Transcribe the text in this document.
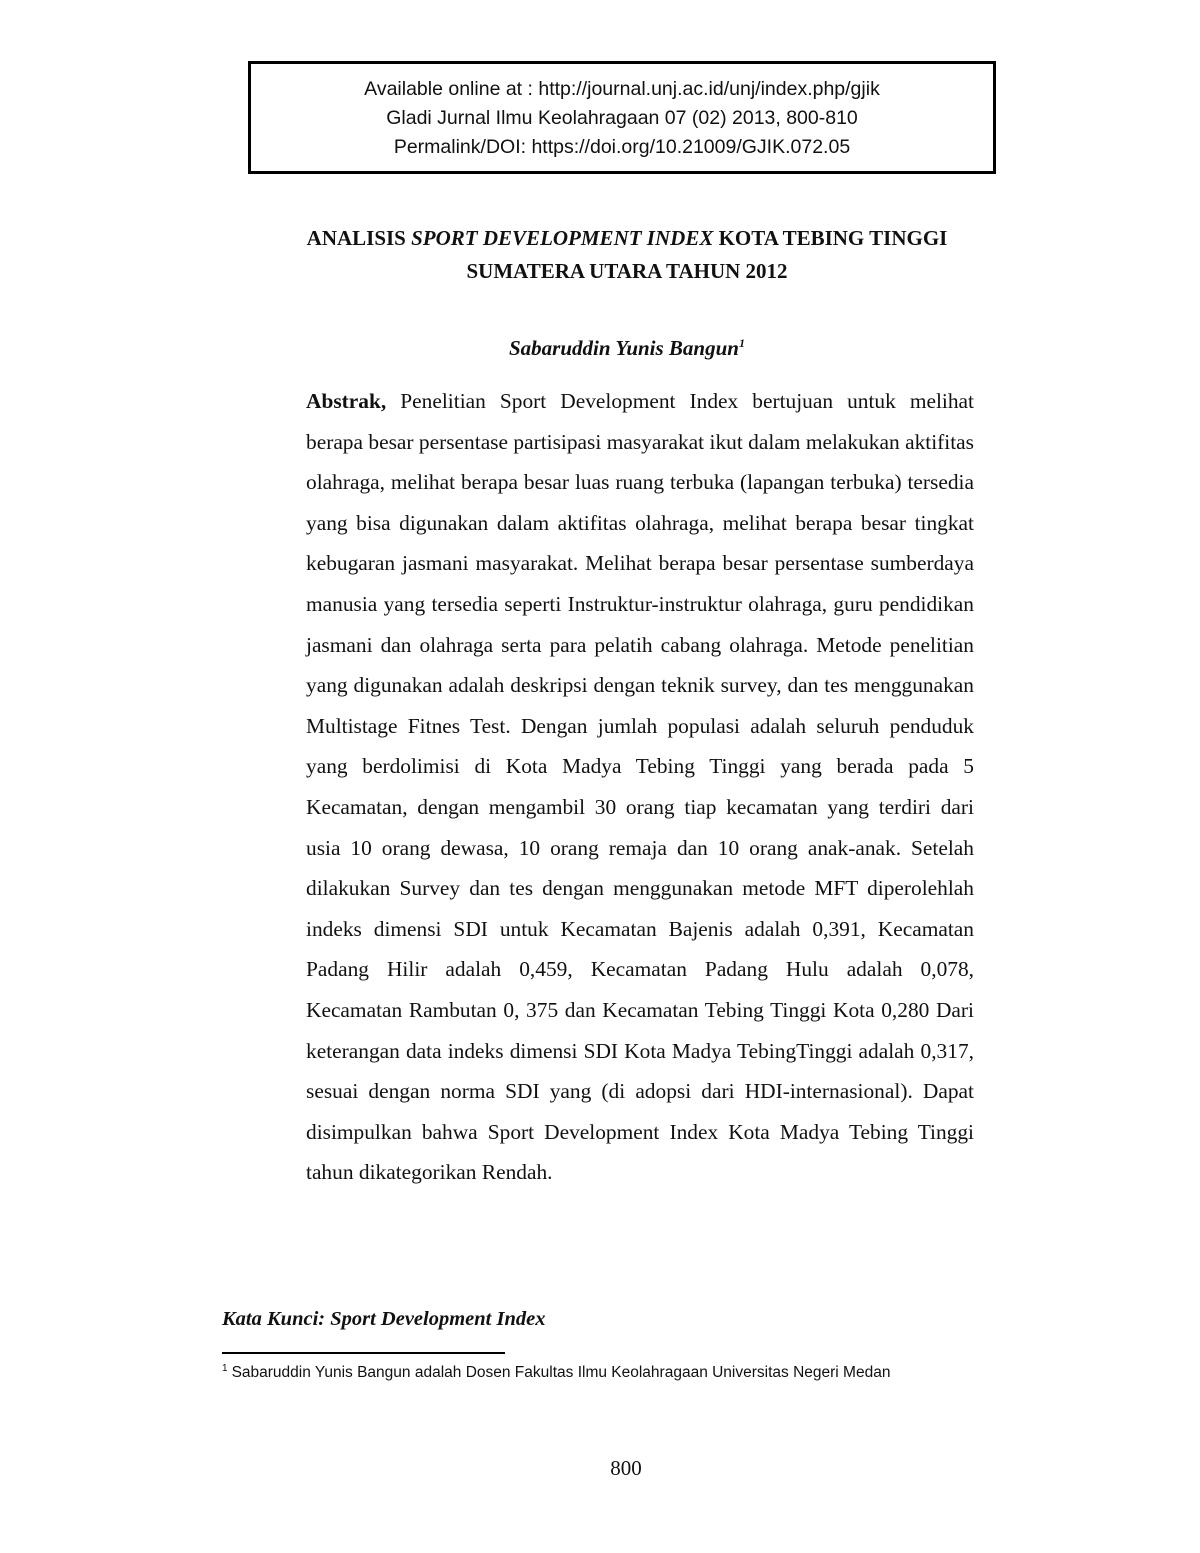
Available online at : http://journal.unj.ac.id/unj/index.php/gjik
Gladi Jurnal Ilmu Keolahragaan 07 (02) 2013, 800-810
Permalink/DOI: https://doi.org/10.21009/GJIK.072.05
ANALISIS SPORT DEVELOPMENT INDEX KOTA TEBING TINGGI
SUMATERA UTARA TAHUN 2012
Sabaruddin Yunis Bangun$^1$

Abstrak, Penelitian Sport Development Index bertujuan untuk melihat berapa besar persentase partisipasi masyarakat ikut dalam melakukan aktifitas olahraga, melihat berapa besar luas ruang terbuka (lapangan terbuka) tersedia yang bisa digunakan dalam aktifitas olahraga, melihat berapa besar tingkat kebugaran jasmani masyarakat. Melihat berapa besar persentase sumberdaya manusia yang tersedia seperti Instruktur-instruktur olahraga, guru pendidikan jasmani dan olahraga serta para pelatih cabang olahraga. Metode penelitian yang digunakan adalah deskripsi dengan teknik survey, dan tes menggunakan Multistage Fitnes Test. Dengan jumlah populasi adalah seluruh penduduk yang berdolimisi di Kota Madya Tebing Tinggi yang berada pada 5 Kecamatan, dengan mengambil 30 orang tiap kecamatan yang terdiri dari usia 10 orang dewasa, 10 orang remaja dan 10 orang anak-anak. Setelah dilakukan Survey dan tes dengan menggunakan metode MFT diperolehlah indeks dimensi SDI untuk Kecamatan Bajenis adalah 0,391, Kecamatan Padang Hilir adalah 0,459, Kecamatan Padang Hulu adalah 0,078, Kecamatan Rambutan 0, 375 dan Kecamatan Tebing Tinggi Kota 0,280 Dari keterangan data indeks dimensi SDI Kota Madya TebingTinggi adalah 0,317, sesuai dengan norma SDI yang (di adopsi dari HDI-internasional). Dapat disimpulkan bahwa Sport Development Index Kota Madya Tebing Tinggi tahun dikategorikan Rendah.

Kata Kunci: Sport Development Index
$^1$ Sabaruddin Yunis Bangun adalah Dosen Fakultas Ilmu Keolahragaan Universitas Negeri Medan
800
